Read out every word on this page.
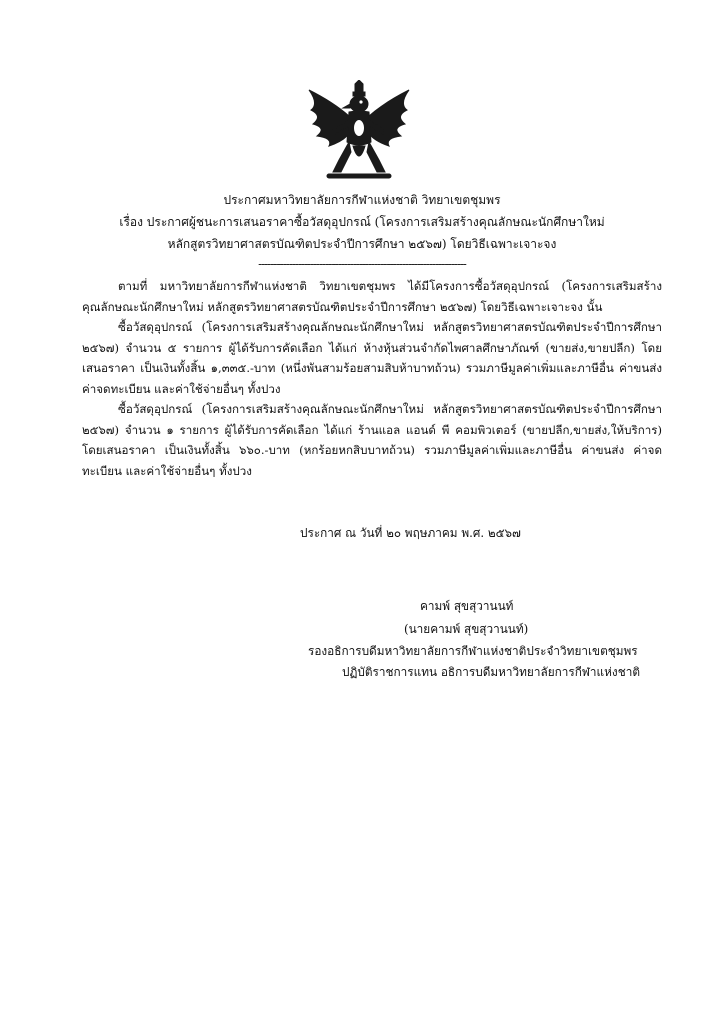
ประกาศมหาวิทยาลัยการกีฬาแห่งชาติ วิทยาเขตชุมพร
เรื่อง ประกาศผู้ชนะการเสนอราคาซื้อวัสดุอุปกรณ์ (โครงการเสริมสร้างคุณลักษณะนักศึกษาใหม่
หลักสูตรวิทยาศาสตรบัณฑิตประจำปีการศึกษา ๒๕๖๗) โดยวิธีเฉพาะเจาะจง
--------------------------------------------------------------------

ตามที่ มหาวิทยาลัยการกีฬาแห่งชาติ วิทยาเขตชุมพร ได้มีโครงการซื้อวัสดุอุปกรณ์ (โครงการเสริมสร้างคุณลักษณะนักศึกษาใหม่ หลักสูตรวิทยาศาสตรบัณฑิตประจำปีการศึกษา ๒๕๖๗) โดยวิธีเฉพาะเจาะจง นั้น

ซื้อวัสดุอุปกรณ์ (โครงการเสริมสร้างคุณลักษณะนักศึกษาใหม่ หลักสูตรวิทยาศาสตรบัณฑิตประจำปีการศึกษา ๒๕๖๗) จำนวน ๕ รายการ ผู้ได้รับการคัดเลือก ได้แก่ ห้างหุ้นส่วนจำกัดไพศาลศึกษาภัณฑ์ (ขายส่ง,ขายปลีก) โดยเสนอราคา เป็นเงินทั้งสิ้น ๑,๓๓๕.-บาท (หนึ่งพันสามร้อยสามสิบห้าบาทถ้วน) รวมภาษีมูลค่าเพิ่มและภาษีอื่น ค่าขนส่ง ค่าจดทะเบียน และค่าใช้จ่ายอื่นๆ ทั้งปวง

ซื้อวัสดุอุปกรณ์ (โครงการเสริมสร้างคุณลักษณะนักศึกษาใหม่ หลักสูตรวิทยาศาสตรบัณฑิตประจำปีการศึกษา ๒๕๖๗) จำนวน ๑ รายการ ผู้ได้รับการคัดเลือก ได้แก่ ร้านแอล แอนด์ พี คอมพิวเตอร์ (ขายปลีก,ขายส่ง,ให้บริการ) โดยเสนอราคา เป็นเงินทั้งสิ้น ๖๖๐.-บาท (หกร้อยหกสิบบาทถ้วน) รวมภาษีมูลค่าเพิ่มและภาษีอื่น ค่าขนส่ง ค่าจดทะเบียน และค่าใช้จ่ายอื่นๆ ทั้งปวง

ประกาศ ณ วันที่ ๒๐ พฤษภาคม พ.ศ. ๒๕๖๗
คามพ์ สุขสุวานนท์
(นายคามพ์ สุขสุวานนท์)
รองอธิการบดีมหาวิทยาลัยการกีฬาแห่งชาติประจำวิทยาเขตชุมพร
ปฏิบัติราชการแทน อธิการบดีมหาวิทยาลัยการกีฬาแห่งชาติ
